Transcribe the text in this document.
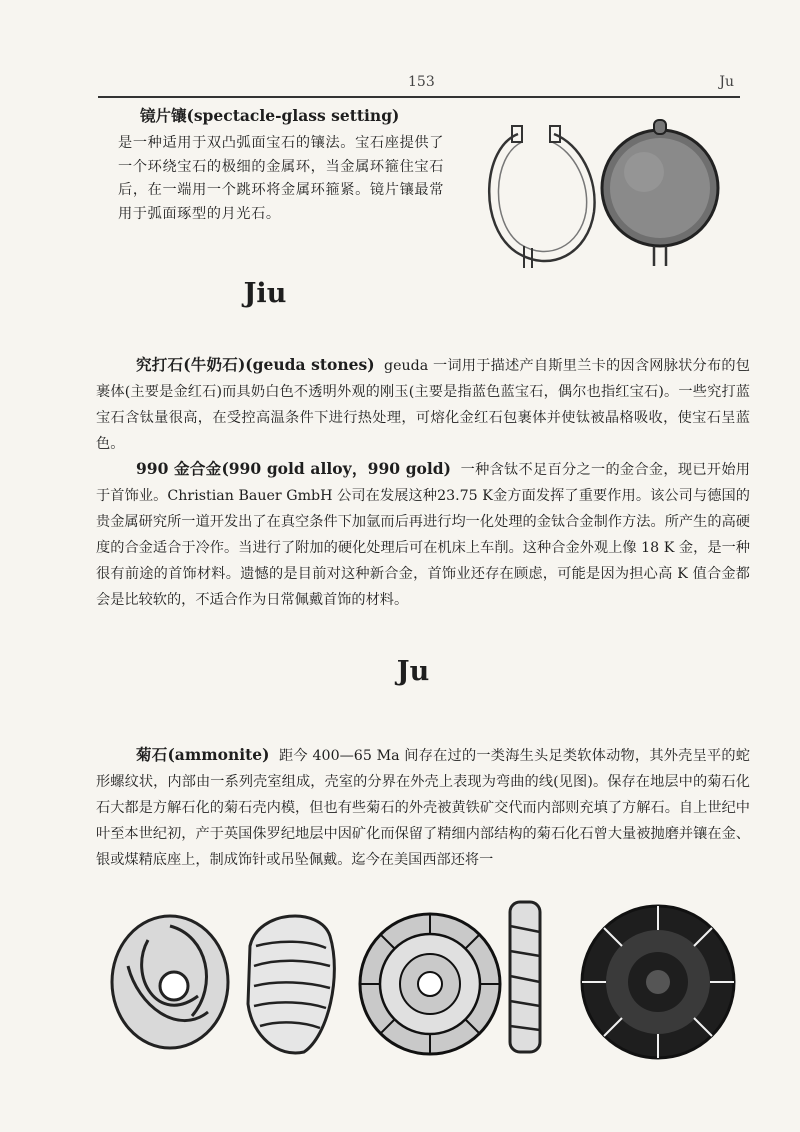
153	Ju
镜片镶(spectacle-glass setting)
是一种适用于双凸弧面宝石的镶法。宝石座提供了一个环绕宝石的极细的金属环，当金属环箍住宝石后，在一端用一个跳环将金属环箍紧。镜片镶最常用于弧面琢型的月光石。
Jiu
究打石(牛奶石)(geuda stones) geuda 一词用于描述产自斯里兰卡的因含网脉状分布的包裹体(主要是金红石)而具奶白色不透明外观的刚玉(主要是指蓝色蓝宝石，偶尔也指红宝石)。一些究打蓝宝石含钛量很高，在受控高温条件下进行热处理，可熔化金红石包裹体并使钛被晶格吸收，使宝石呈蓝色。
990 金合金(990 gold alloy，990 gold) 一种含钛不足百分之一的金合金，现已开始用于首饰业。Christian Bauer GmbH 公司在发展这种23.75 K金方面发挥了重要作用。该公司与德国的贵金属研究所一道开发出了在真空条件下加氩而后再进行均一化处理的金钛合金制作方法。所产生的高硬度的合金适合于冷作。当进行了附加的硬化处理后可在机床上车削。这种合金外观上像 18 K 金，是一种很有前途的首饰材料。遗憾的是目前对这种新合金，首饰业还存在顾虑，可能是因为担心高 K 值合金都会是比较软的，不适合作为日常佩戴首饰的材料。
Ju
菊石(ammonite) 距今 400—65 Ma 间存在过的一类海生头足类软体动物，其外壳呈平的蛇形螺纹状，内部由一系列壳室组成，壳室的分界在外壳上表现为弯曲的线(见图)。保存在地层中的菊石化石大都是方解石化的菊石壳内模，但也有些菊石的外壳被黄铁矿交代而内部则充填了方解石。自上世纪中叶至本世纪初，产于英国侏罗纪地层中因矿化而保留了精细内部结构的菊石化石曾大量被抛磨并镶在金、银或煤精底座上，制成饰针或吊坠佩戴。迄今在美国西部还将一
